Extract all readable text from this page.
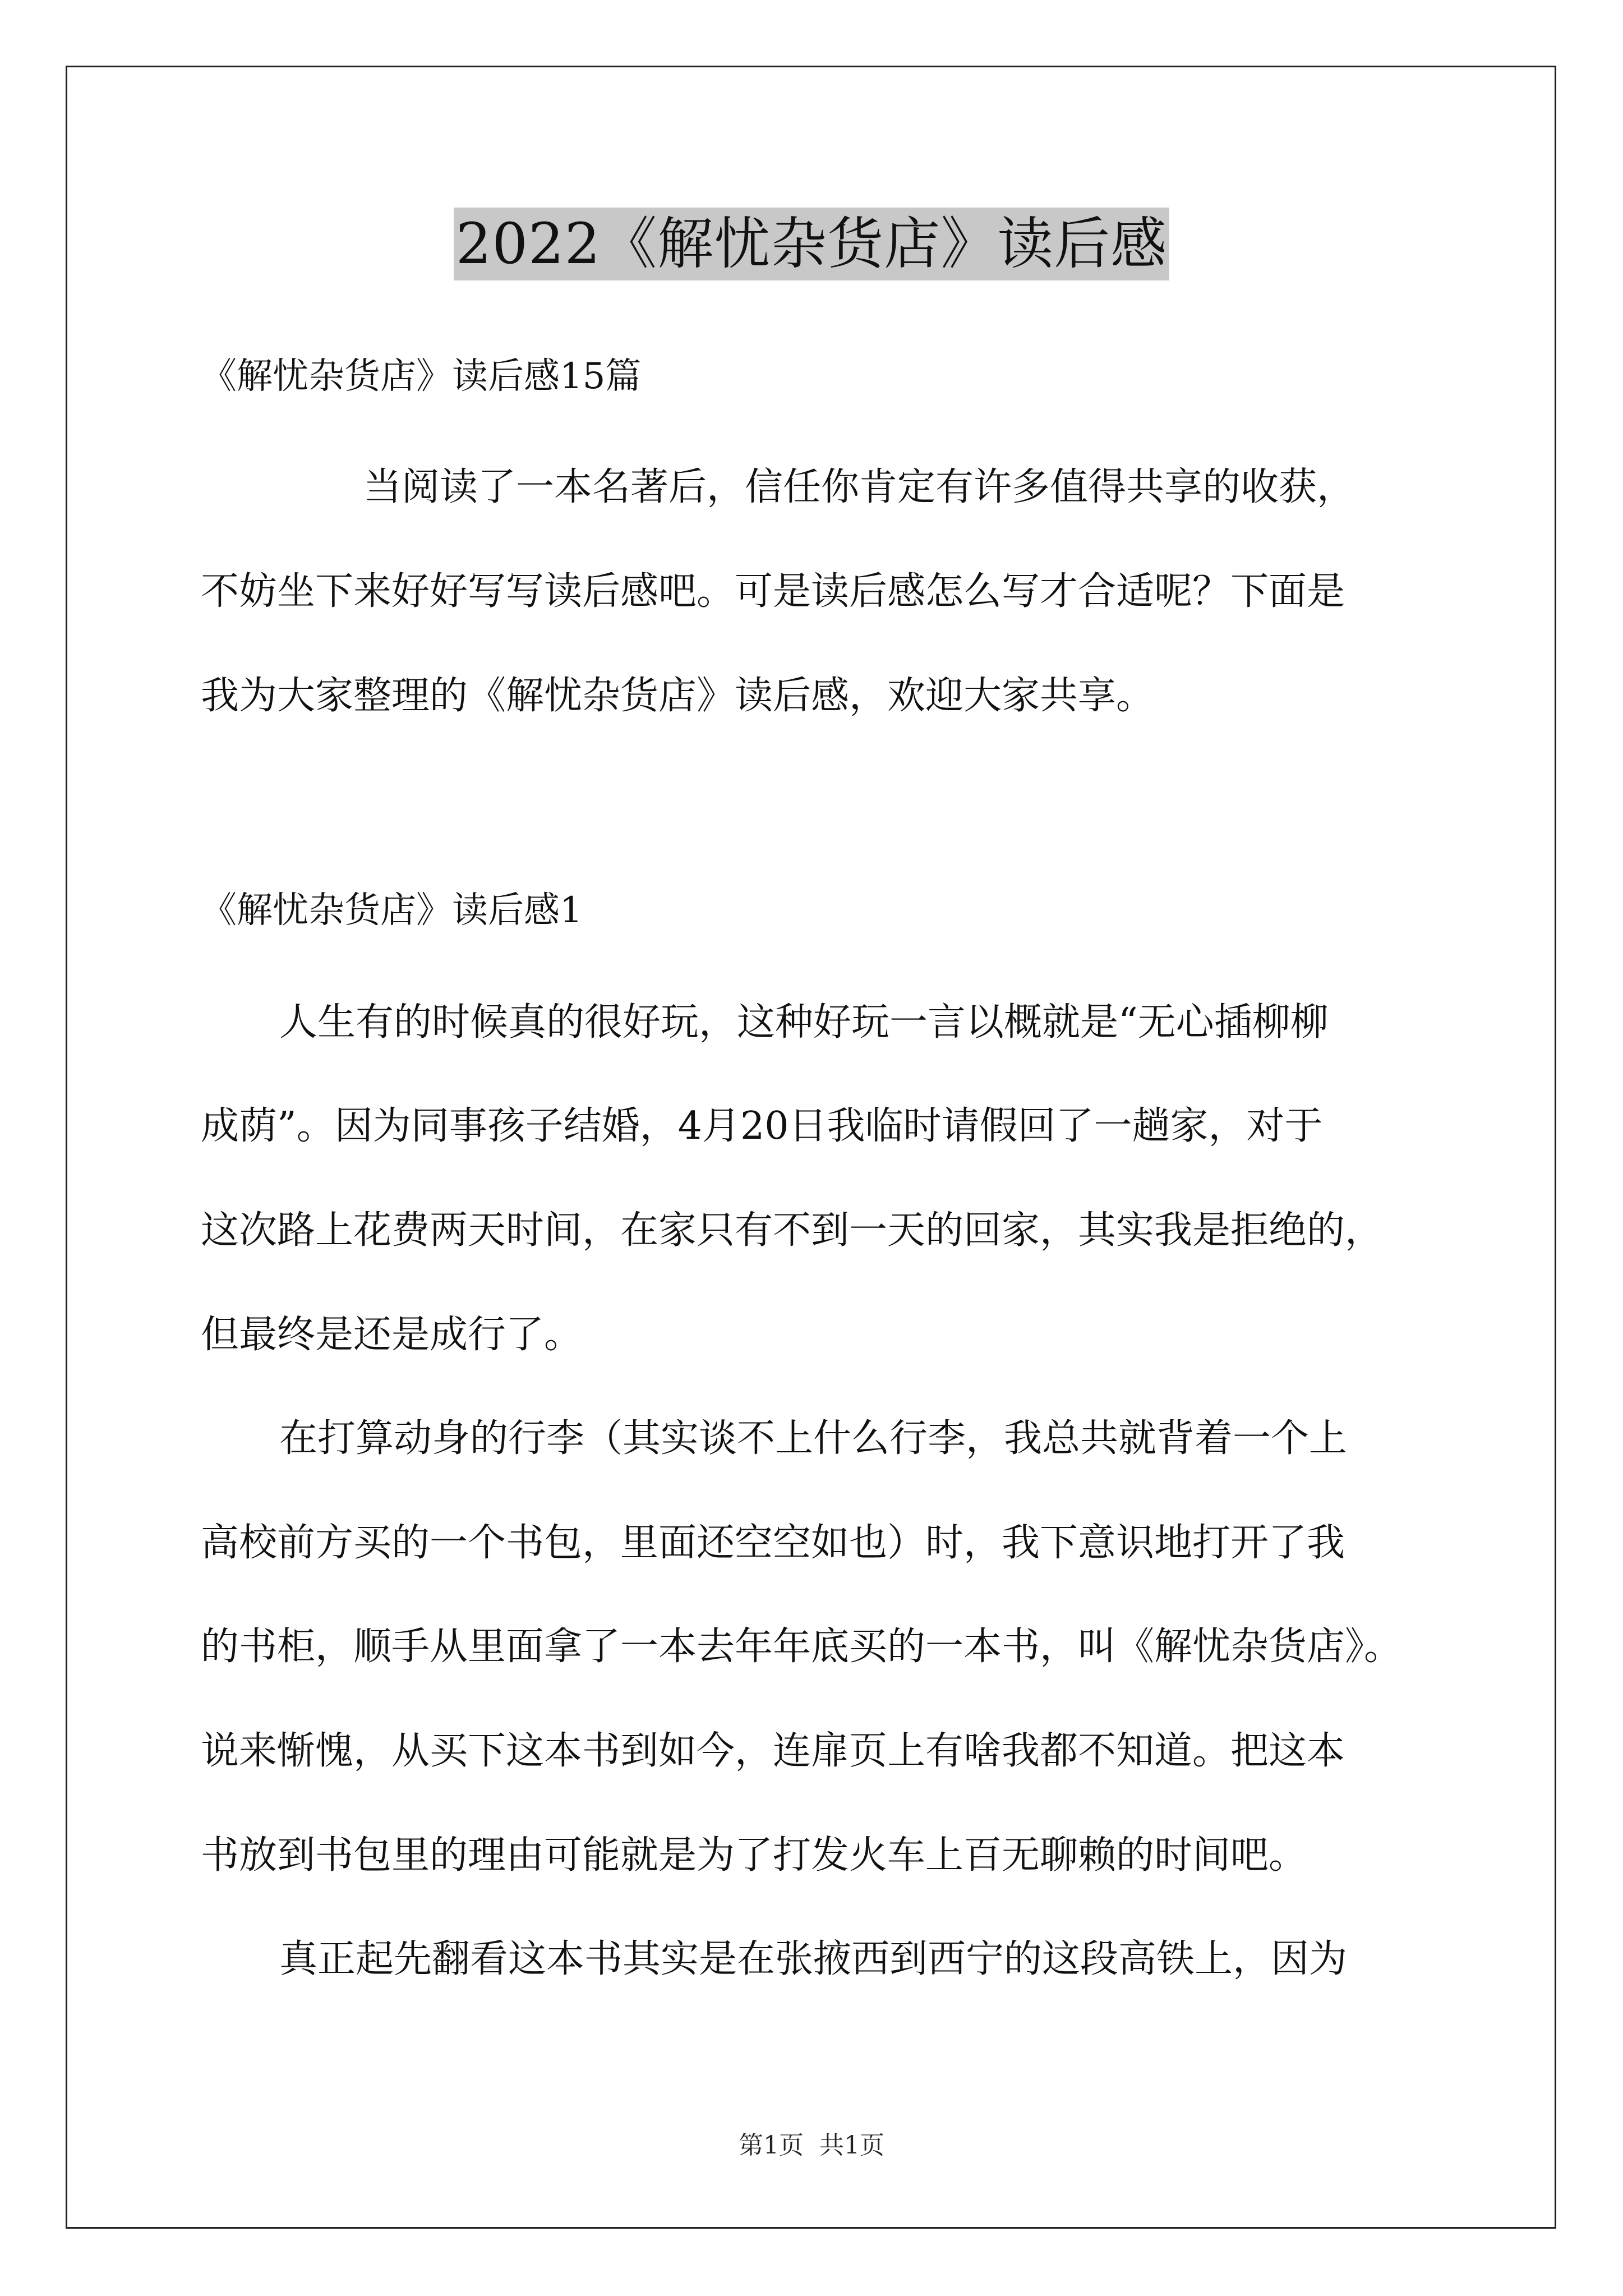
2022《解忧杂货店》读后感
《解忧杂货店》读后感15篇
当阅读了一本名著后，信任你肯定有许多值得共享的收获，
不妨坐下来好好写写读后感吧。可是读后感怎么写才合适呢？下面是
我为大家整理的《解忧杂货店》读后感，欢迎大家共享。
《解忧杂货店》读后感1
人生有的时候真的很好玩，这种好玩一言以概就是“无心插柳柳
成荫”。因为同事孩子结婚，4月20日我临时请假回了一趟家，对于
这次路上花费两天时间，在家只有不到一天的回家，其实我是拒绝的，
但最终是还是成行了。
在打算动身的行李（其实谈不上什么行李，我总共就背着一个上
高校前方买的一个书包，里面还空空如也）时，我下意识地打开了我
的书柜，顺手从里面拿了一本去年年底买的一本书，叫《解忧杂货店》。
说来惭愧，从买下这本书到如今，连扉页上有啥我都不知道。把这本
书放到书包里的理由可能就是为了打发火车上百无聊赖的时间吧。
真正起先翻看这本书其实是在张掖西到西宁的这段高铁上，因为
第1页 共1页
